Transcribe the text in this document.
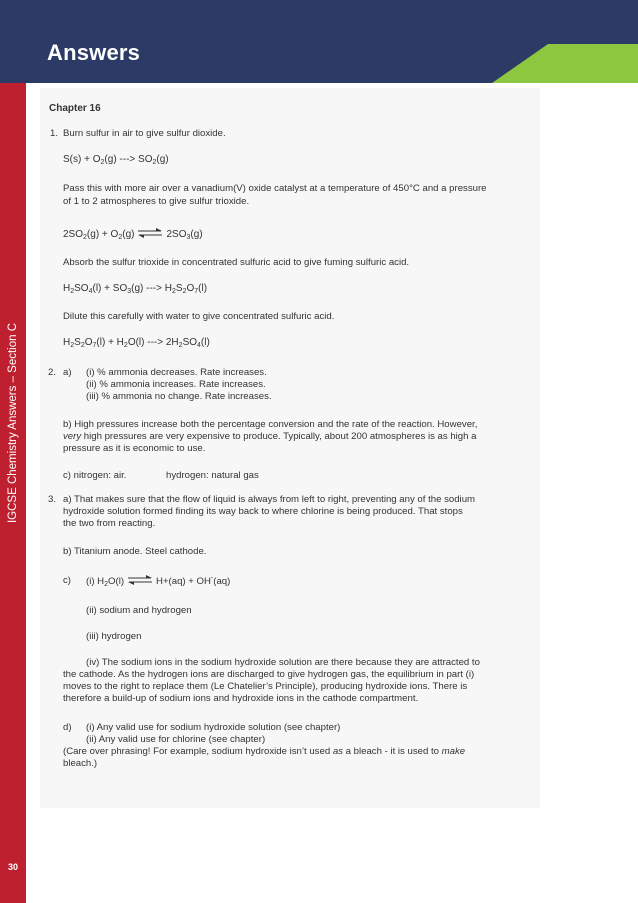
Answers
IGCSE Chemistry Answers – Section C
30
Chapter 16
1. Burn sulfur in air to give sulfur dioxide.
$S(s) + O_2(g)$ ---> $SO_2(g)$
Pass this with more air over a vanadium(V) oxide catalyst at a temperature of 450°C and a pressure
of 1 to 2 atmospheres to give sulfur trioxide.
$2SO_2(g) + O_2(g)$ ⇌ $2SO_3(g)$
Absorb the sulfur trioxide in concentrated sulfuric acid to give fuming sulfuric acid.
$H_2SO_4(l) + SO_3(g)$ ---> $H_2S_2O_7(l)$
Dilute this carefully with water to give concentrated sulfuric acid.
$H_2S_2O_7(l) + H_2O(l)$ ---> $2H_2SO_4(l)$
2. a) (i) % ammonia decreases. Rate increases.
(ii) % ammonia increases. Rate increases.
(iii) % ammonia no change. Rate increases.
b) High pressures increase both the percentage conversion and the rate of the reaction. However,
very high pressures are very expensive to produce. Typically, about 200 atmospheres is as high a
pressure as it is economic to use.
c) nitrogen: air.	hydrogen: natural gas
3. a) That makes sure that the flow of liquid is always from left to right, preventing any of the sodium
hydroxide solution formed finding its way back to where chlorine is being produced. That stops
the two from reacting.
b) Titanium anode. Steel cathode.
c) (i) $H_2O(l)$ ⇌ H+(aq) + OH-(aq)
(ii) sodium and hydrogen
(iii) hydrogen
(iv) The sodium ions in the sodium hydroxide solution are there because they are attracted to
the cathode. As the hydrogen ions are discharged to give hydrogen gas, the equilibrium in part (i)
moves to the right to replace them (Le Chatelier’s Principle), producing hydroxide ions. There is
therefore a build-up of sodium ions and hydroxide ions in the cathode compartment.
d) (i) Any valid use for sodium hydroxide solution (see chapter)
(ii) Any valid use for chlorine (see chapter)
(Care over phrasing! For example, sodium hydroxide isn’t used as a bleach - it is used to make
bleach.)
